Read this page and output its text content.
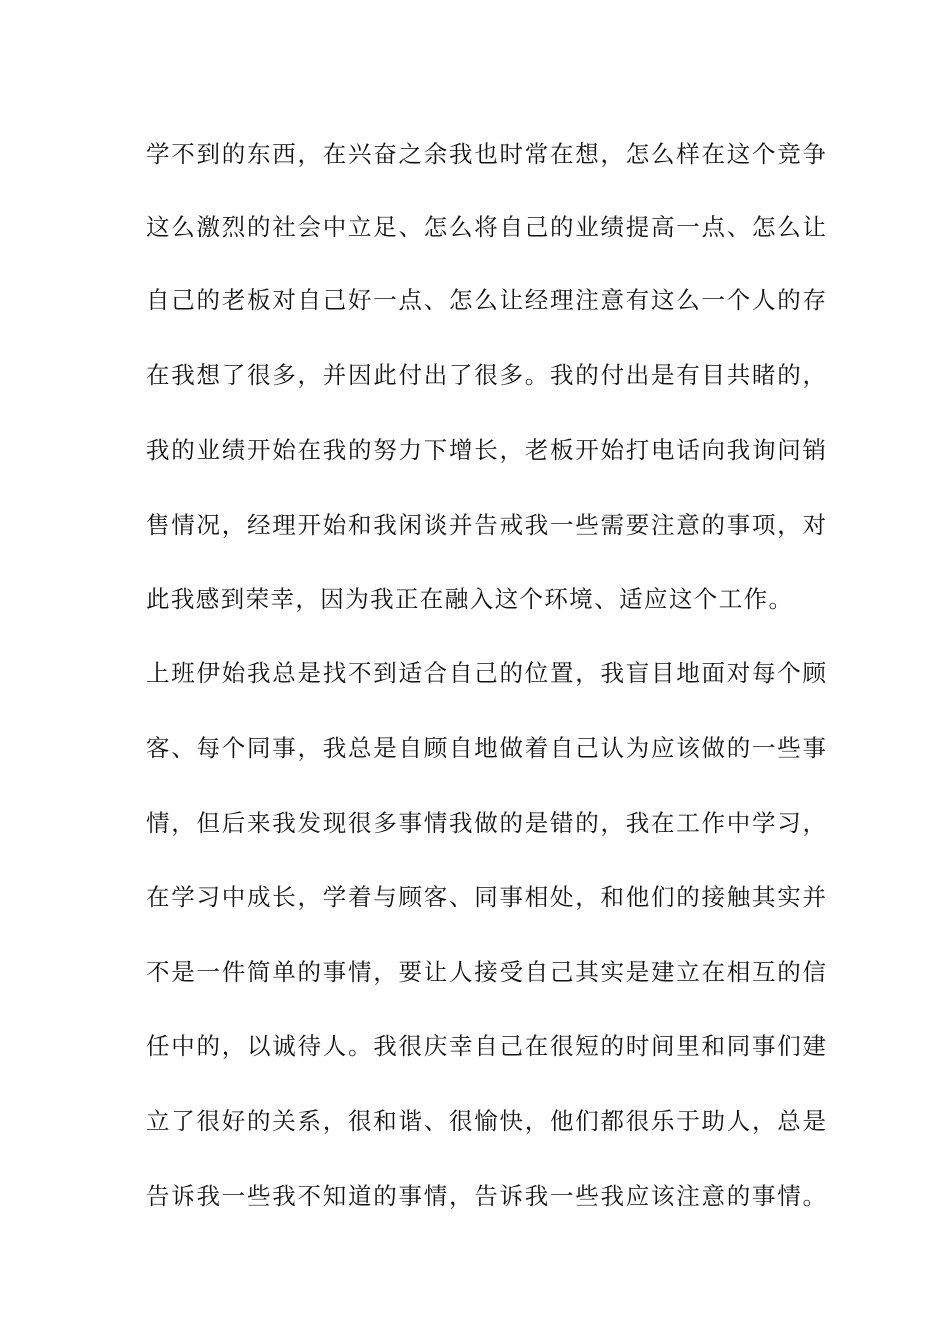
学不到的东西，在兴奋之余我也时常在想，怎么样在这个竞争
这么激烈的社会中立足、怎么将自己的业绩提高一点、怎么让
自己的老板对自己好一点、怎么让经理注意有这么一个人的存
在我想了很多，并因此付出了很多。我的付出是有目共睹的，
我的业绩开始在我的努力下增长，老板开始打电话向我询问销
售情况，经理开始和我闲谈并告戒我一些需要注意的事项，对
此我感到荣幸，因为我正在融入这个环境、适应这个工作。
上班伊始我总是找不到适合自己的位置，我盲目地面对每个顾
客、每个同事，我总是自顾自地做着自己认为应该做的一些事
情，但后来我发现很多事情我做的是错的，我在工作中学习，
在学习中成长，学着与顾客、同事相处，和他们的接触其实并
不是一件简单的事情，要让人接受自己其实是建立在相互的信
任中的，以诚待人。我很庆幸自己在很短的时间里和同事们建
立了很好的关系，很和谐、很愉快，他们都很乐于助人，总是
告诉我一些我不知道的事情，告诉我一些我应该注意的事情。
